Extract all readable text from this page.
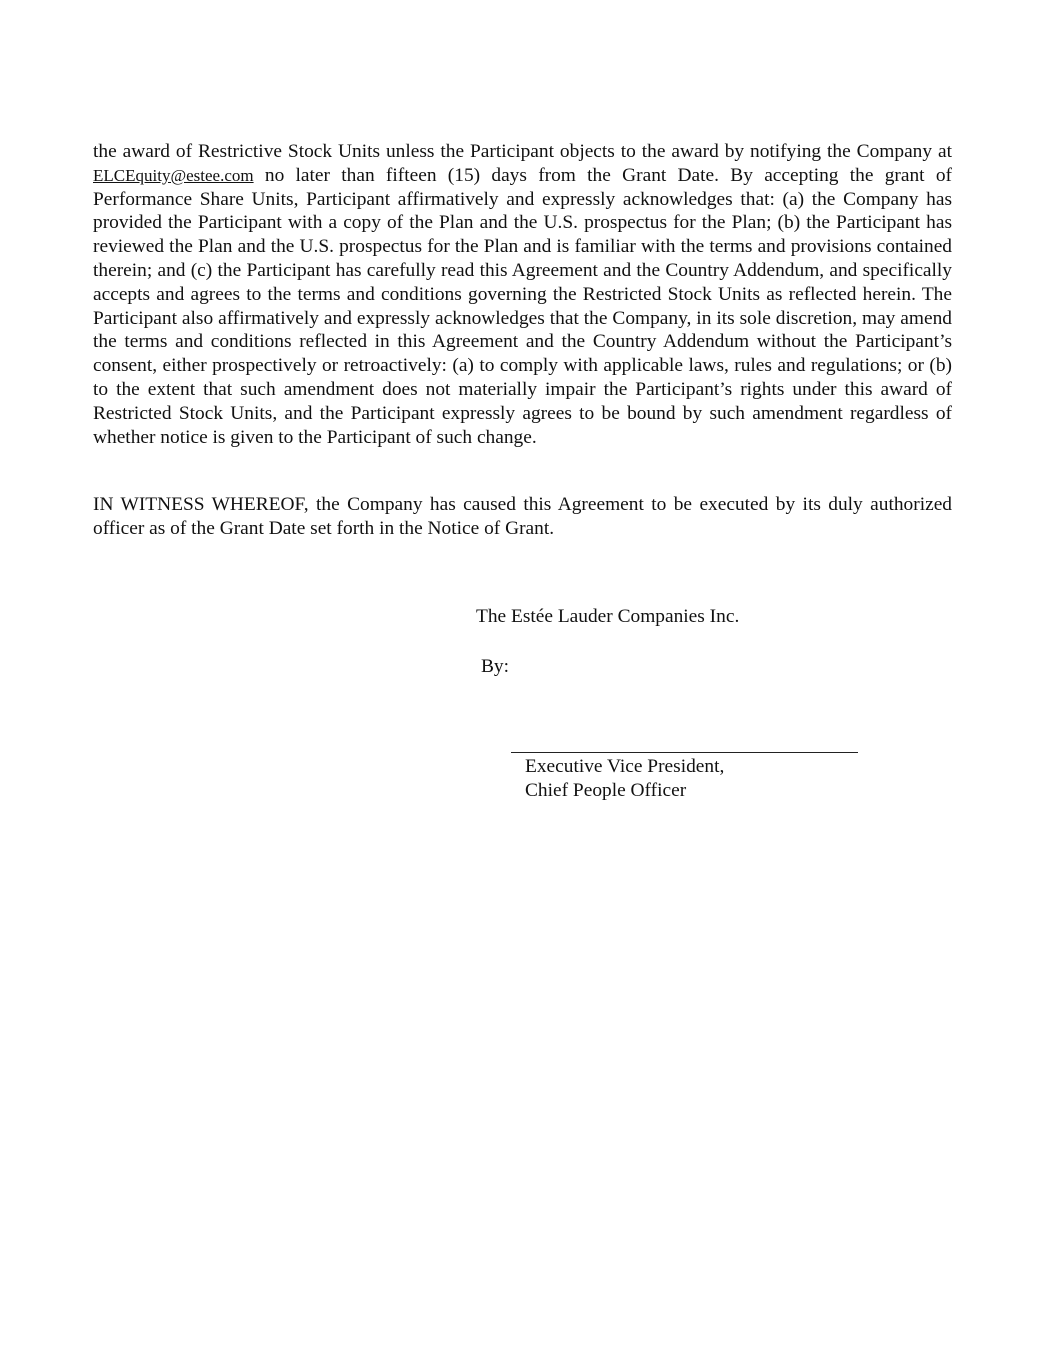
the award of Restrictive Stock Units unless the Participant objects to the award by notifying the Company at ELCEquity@estee.com no later than fifteen (15) days from the Grant Date. By accepting the grant of Performance Share Units, Participant affirmatively and expressly acknowledges that: (a) the Company has provided the Participant with a copy of the Plan and the U.S. prospectus for the Plan; (b) the Participant has reviewed the Plan and the U.S. prospectus for the Plan and is familiar with the terms and provisions contained therein; and (c) the Participant has carefully read this Agreement and the Country Addendum, and specifically accepts and agrees to the terms and conditions governing the Restricted Stock Units as reflected herein. The Participant also affirmatively and expressly acknowledges that the Company, in its sole discretion, may amend the terms and conditions reflected in this Agreement and the Country Addendum without the Participant’s consent, either prospectively or retroactively: (a) to comply with applicable laws, rules and regulations; or (b) to the extent that such amendment does not materially impair the Participant’s rights under this award of Restricted Stock Units, and the Participant expressly agrees to be bound by such amendment regardless of whether notice is given to the Participant of such change.

IN WITNESS WHEREOF, the Company has caused this Agreement to be executed by its duly authorized officer as of the Grant Date set forth in the Notice of Grant.

The Estée Lauder Companies Inc.
By:
Executive Vice President,
Chief People Officer
